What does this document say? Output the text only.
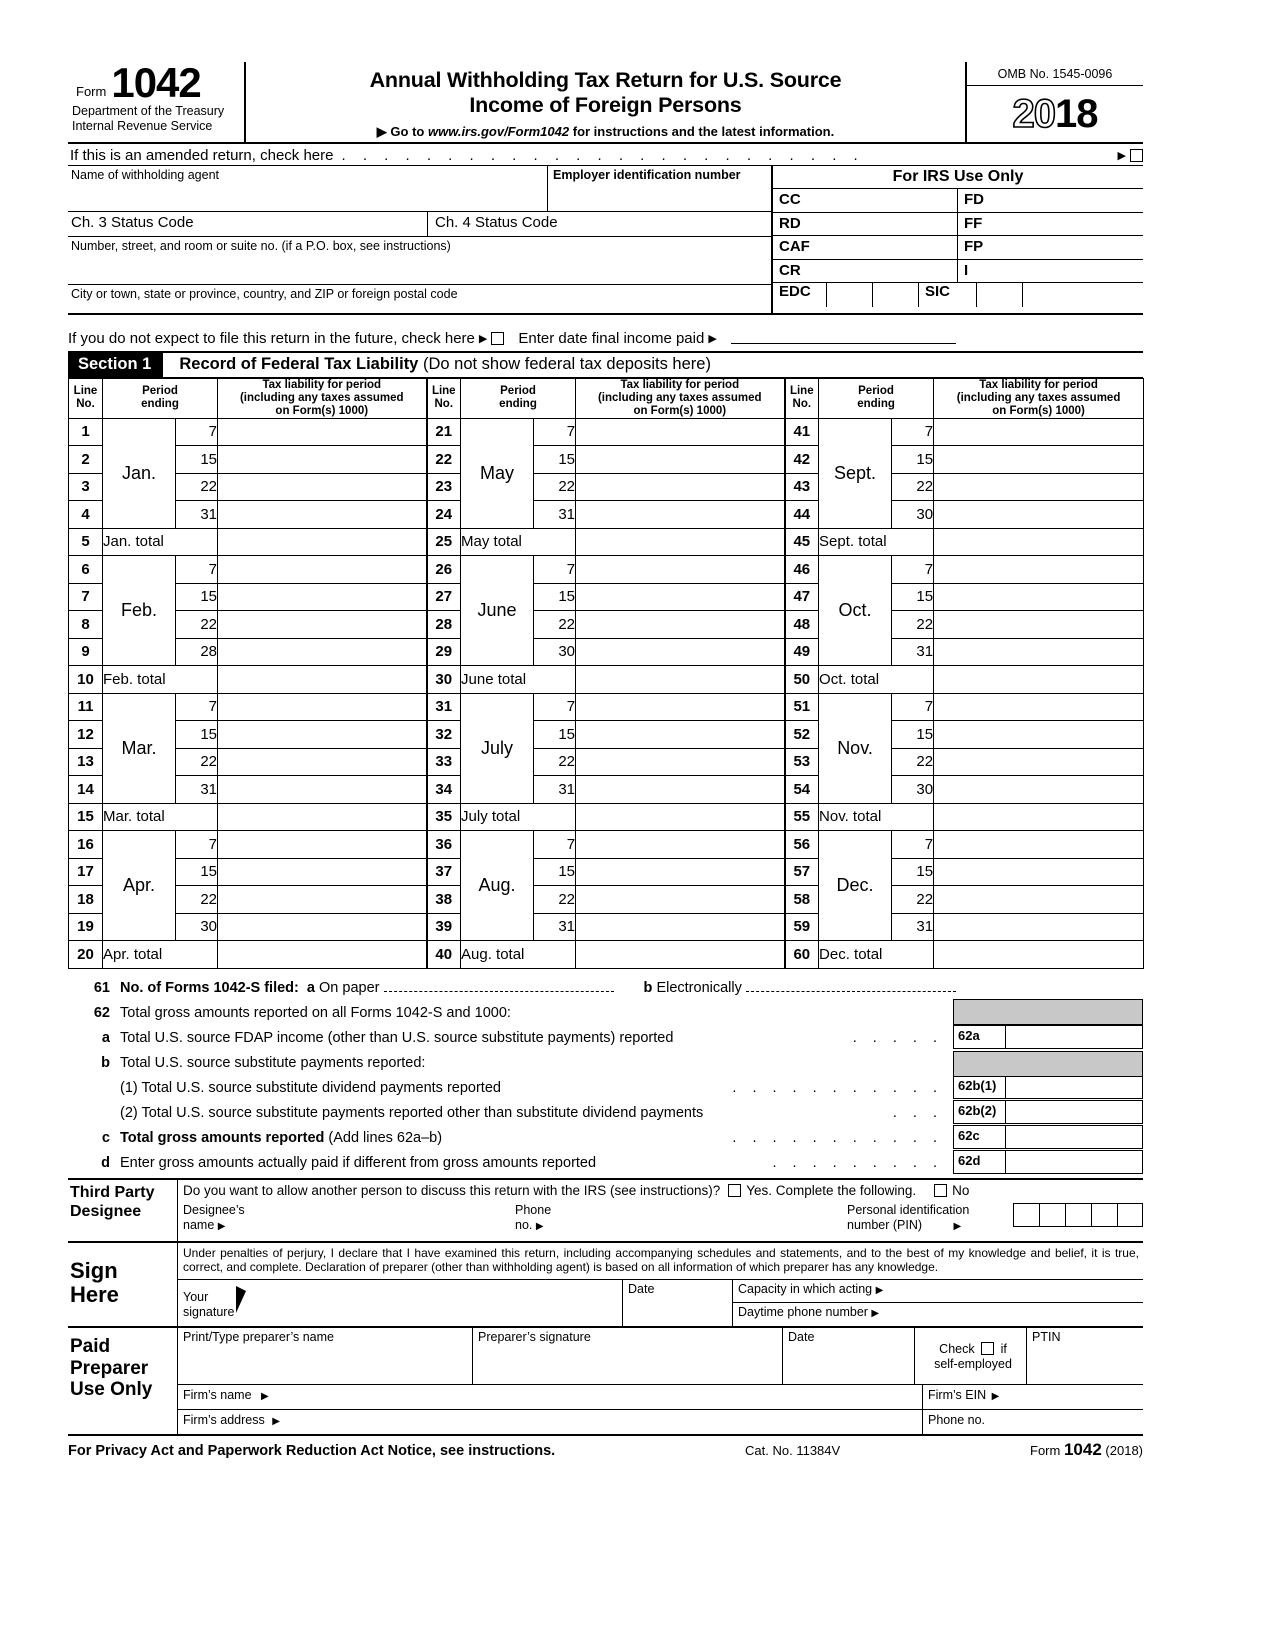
Form 1042
Department of the Treasury
Internal Revenue Service
Annual Withholding Tax Return for U.S. Source
Income of Foreign Persons
▶ Go to www.irs.gov/Form1042 for instructions and the latest information.
OMB No. 1545-0096
20 18
If this is an amended return, check here . . . . . . . . . . . . . . . . . . . . . . . . .	▶
Name of withholding agent	Employer identification number
Ch. 3 Status Code	Ch. 4 Status Code
Number, street, and room or suite no. (if a P.O. box, see instructions)
City or town, state or province, country, and ZIP or foreign postal code
For IRS Use Only
CC	FD
RD	FF
CAF	FP
CR	I
EDC	SIC
If you do not expect to file this return in the future, check here ▶	Enter date final income paid ▶
Section 1	Record of Federal Tax Liability (Do not show federal tax deposits here)
Line
No.	Period
ending		Tax liability for period
(including any taxes assumed
on Form(s) 1000)	Line
No.	Period
ending		Tax liability for period
(including any taxes assumed
on Form(s) 1000)	Line
No.	Period
ending		Tax liability for period
(including any taxes assumed
on Form(s) 1000)
1	Jan.	7		21	May	7		41	Sept.	7	
2		15		22		15		42		15	
3		22		23		22		43		22	
4		31		24		31		44		30	
5	Jan. total			25	May total			45	Sept. total		
6	Feb.	7		26	June	7		46	Oct.	7	
7		15		27		15		47		15	
8		22		28		22		48		22	
9		28		29		30		49		31	
10	Feb. total			30	June total			50	Oct. total		
11	Mar.	7		31	July	7		51	Nov.	7	
12		15		32		15		52		15	
13		22		33		22		53		22	
14		31		34		31		54		30	
15	Mar. total			35	July total			55	Nov. total		
16	Apr.	7		36	Aug.	7		56	Dec.	7	
17		15		37		15		57		15	
18		22		38		22		58		22	
19		30		39		31		59		31	
20	Apr. total			40	Aug. total			60	Dec. total		
61 No. of Forms 1042-S filed: a On paper	b Electronically
62 Total gross amounts reported on all Forms 1042-S and 1000:
a Total U.S. source FDAP income (other than U.S. source substitute payments) reported	. . . . .	62a
b Total U.S. source substitute payments reported:
(1) Total U.S. source substitute dividend payments reported	. . . . . . . . . . .	62b(1)
(2) Total U.S. source substitute payments reported other than substitute dividend payments	. . .	62b(2)
c Total gross amounts reported (Add lines 62a–b)	. . . . . . . . . . .	62c
d Enter gross amounts actually paid if different from gross amounts reported	. . . . . . . . .	62d
Third Party
Designee
Do you want to allow another person to discuss this return with the IRS (see instructions)?	Yes. Complete the following.	No
Designee’s
name ▶
Phone
no. ▶
Personal identification
number (PIN)	▶
Sign
Here
Under penalties of perjury, I declare that I have examined this return, including accompanying schedules and statements, and to the best of my knowledge and belief, it is true, correct, and complete. Declaration of preparer (other than withholding agent) is based on all information of which preparer has any knowledge.
Your
signature
Date	Capacity in which acting ▶
Daytime phone number ▶
Paid
Preparer
Use Only
Print/Type preparer’s name	Preparer’s signature	Date
Check if
self-employed
PTIN
Firm’s name ▶	Firm’s EIN ▶
Firm’s address ▶	Phone no.
For Privacy Act and Paperwork Reduction Act Notice, see instructions.	Cat. No. 11384V	Form 1042 (2018)
